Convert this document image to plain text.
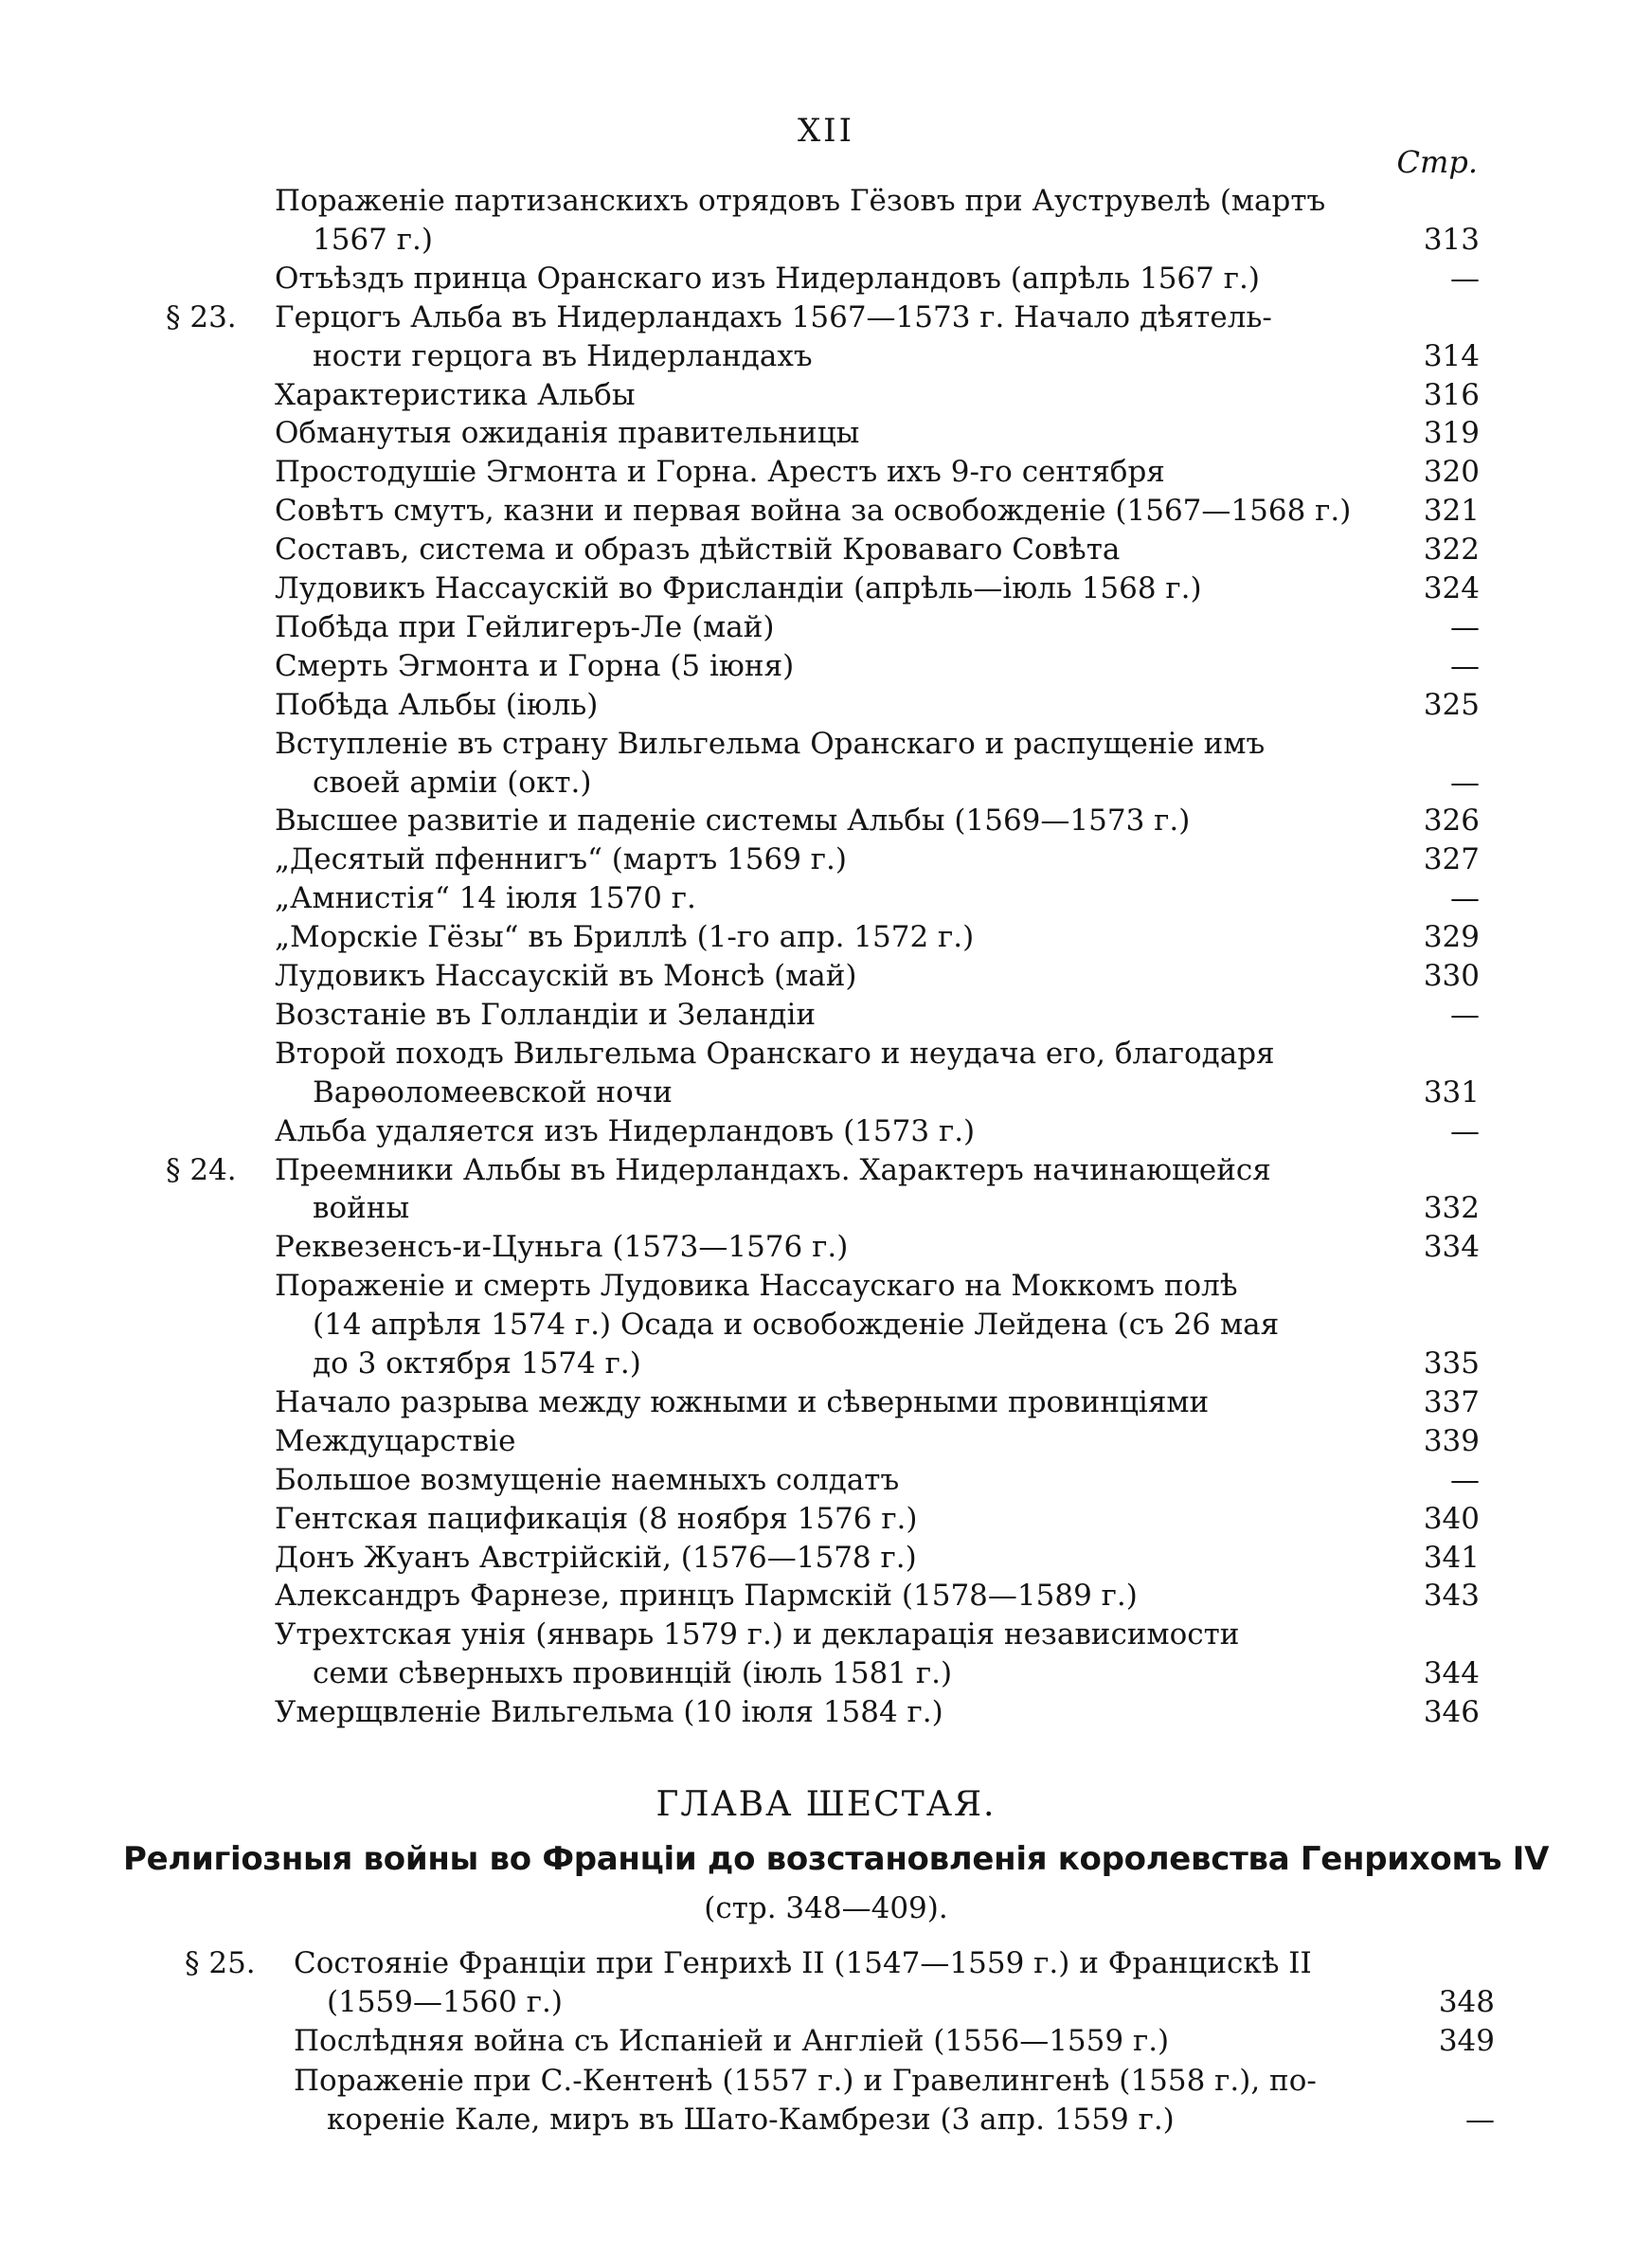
XII
Стр.
Пораженіе партизанскихъ отрядовъ Гёзовъ при Ауструвелѣ (мартъ
1567 г.)	313
Отъѣздъ принца Оранскаго изъ Нидерландовъ (апрѣль 1567 г.)	—
§ 23. Герцогъ Альба въ Нидерландахъ 1567—1573 г. Начало дѣятель-
ности герцога въ Нидерландахъ	314
Характеристика Альбы	316
Обманутыя ожиданія правительницы	319
Простодушіе Эгмонта и Горна. Арестъ ихъ 9-го сентября	320
Совѣтъ смутъ, казни и первая война за освобожденіе (1567—1568 г.)	321
Составъ, система и образъ дѣйствій Кроваваго Совѣта	322
Лудовикъ Нассаускій во Фрисландіи (апрѣль—іюль 1568 г.)	324
Побѣда при Гейлигеръ-Ле (май)	—
Смерть Эгмонта и Горна (5 іюня)	—
Побѣда Альбы (іюль)	325
Вступленіе въ страну Вильгельма Оранскаго и распущеніе имъ
своей арміи (окт.)	—
Высшее развитіе и паденіе системы Альбы (1569—1573 г.)	326
„Десятый пфеннигъ“ (мартъ 1569 г.)	327
„Амнистія“ 14 іюля 1570 г.	—
„Морскіе Гёзы“ въ Бриллѣ (1-го апр. 1572 г.)	329
Лудовикъ Нассаускій въ Монсѣ (май)	330
Возстаніе въ Голландіи и Зеландіи	—
Второй походъ Вильгельма Оранскаго и неудача его, благодаря
Варѳоломеевской ночи	331
Альба удаляется изъ Нидерландовъ (1573 г.)	—
§ 24. Преемники Альбы въ Нидерландахъ. Характеръ начинающейся
войны	332
Реквезенсъ-и-Цуньга (1573—1576 г.)	334
Пораженіе и смерть Лудовика Нассаускаго на Моккомъ полѣ
(14 апрѣля 1574 г.) Осада и освобожденіе Лейдена (съ 26 мая
до 3 октября 1574 г.)	335
Начало разрыва между южными и сѣверными провинціями	337
Междуцарствіе	339
Большое возмущеніе наемныхъ солдатъ	—
Гентская пацификація (8 ноября 1576 г.)	340
Донъ Жуанъ Австрійскій, (1576—1578 г.)	341
Александръ Фарнезе, принцъ Пармскій (1578—1589 г.)	343
Утрехтская унія (январь 1579 г.) и декларація независимости
семи сѣверныхъ провинцій (іюль 1581 г.)	344
Умерщвленіе Вильгельма (10 іюля 1584 г.)	346
ГЛАВА ШЕСТАЯ.
Религіозныя войны во Франціи до возстановленія королевства Генрихомъ IV
(стр. 348—409).
§ 25. Состояніе Франціи при Генрихѣ II (1547—1559 г.) и Францискѣ II
(1559—1560 г.)	348
Послѣдняя война съ Испаніей и Англіей (1556—1559 г.)	349
Пораженіе при С.-Кентенѣ (1557 г.) и Гравелингенѣ (1558 г.), по-
кореніе Кале, миръ въ Шато-Камбрези (3 апр. 1559 г.)	—
